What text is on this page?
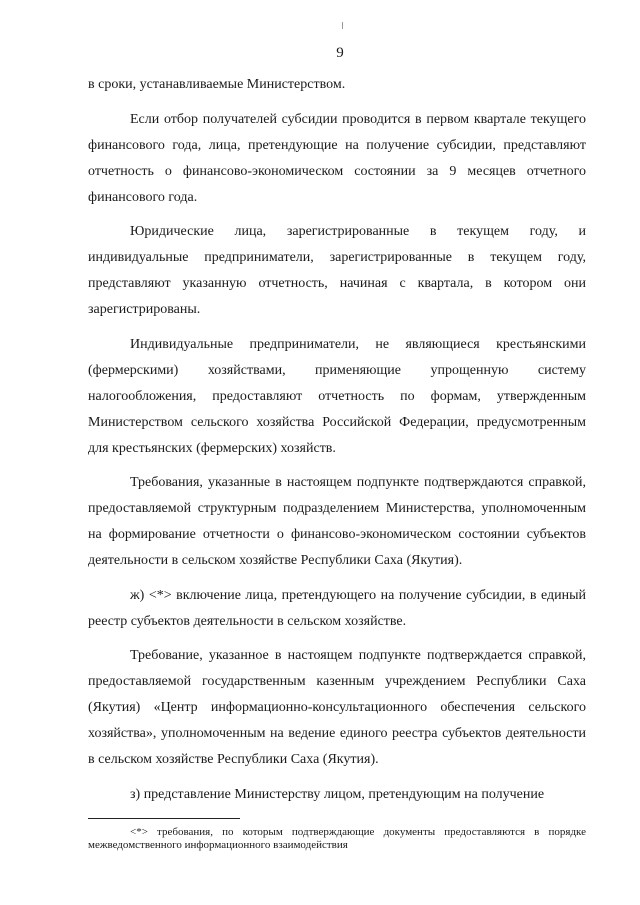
9

в сроки, устанавливаемые Министерством.

Если отбор получателей субсидии проводится в первом квартале текущего финансового года, лица, претендующие на получение субсидии, представляют отчетность о финансово-экономическом состоянии за 9 месяцев отчетного финансового года.

Юридические лица, зарегистрированные в текущем году, и индивидуальные предприниматели, зарегистрированные в текущем году, представляют указанную отчетность, начиная с квартала, в котором они зарегистрированы.

Индивидуальные предприниматели, не являющиеся крестьянскими (фермерскими) хозяйствами, применяющие упрощенную систему налогообложения, предоставляют отчетность по формам, утвержденным Министерством сельского хозяйства Российской Федерации, предусмотренным для крестьянских (фермерских) хозяйств.

Требования, указанные в настоящем подпункте подтверждаются справкой, предоставляемой структурным подразделением Министерства, уполномоченным на формирование отчетности о финансово-экономическом состоянии субъектов деятельности в сельском хозяйстве Республики Саха (Якутия).

ж) <*> включение лица, претендующего на получение субсидии, в единый реестр субъектов деятельности в сельском хозяйстве.

Требование, указанное в настоящем подпункте подтверждается справкой, предоставляемой государственным казенным учреждением Республики Саха (Якутия) «Центр информационно-консультационного обеспечения сельского хозяйства», уполномоченным на ведение единого реестра субъектов деятельности в сельском хозяйстве Республики Саха (Якутия).

з) представление Министерству лицом, претендующим на получение

<*> требования, по которым подтверждающие документы предоставляются в порядке межведомственного информационного взаимодействия
